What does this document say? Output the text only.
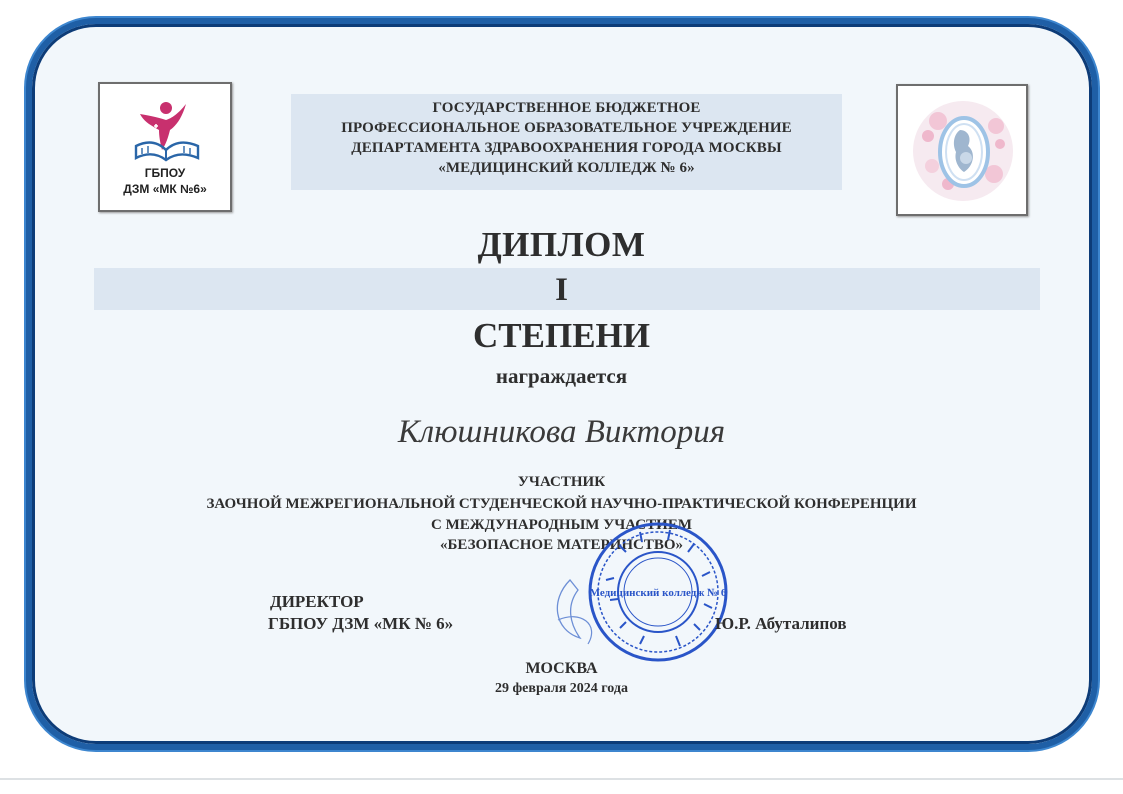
ГБПОУ
ДЗМ «МК №6»
ГОСУДАРСТВЕННОЕ БЮДЖЕТНОЕ
ПРОФЕССИОНАЛЬНОЕ ОБРАЗОВАТЕЛЬНОЕ УЧРЕЖДЕНИЕ
ДЕПАРТАМЕНТА ЗДРАВООХРАНЕНИЯ ГОРОДА МОСКВЫ
«МЕДИЦИНСКИЙ КОЛЛЕДЖ № 6»
ДИПЛОМ
I
СТЕПЕНИ
награждается
Клюшникова Виктория
УЧАСТНИК
ЗАОЧНОЙ МЕЖРЕГИОНАЛЬНОЙ СТУДЕНЧЕСКОЙ НАУЧНО-ПРАКТИЧЕСКОЙ КОНФЕРЕНЦИИ
С МЕЖДУНАРОДНЫМ УЧАСТИЕМ
«БЕЗОПАСНОЕ МАТЕРИНСТВО»
Медицинский колледж № 6
ДИРЕКТОР
ГБПОУ ДЗМ «МК № 6»	Ю.Р. Абуталипов
МОСКВА
29 февраля 2024 года
